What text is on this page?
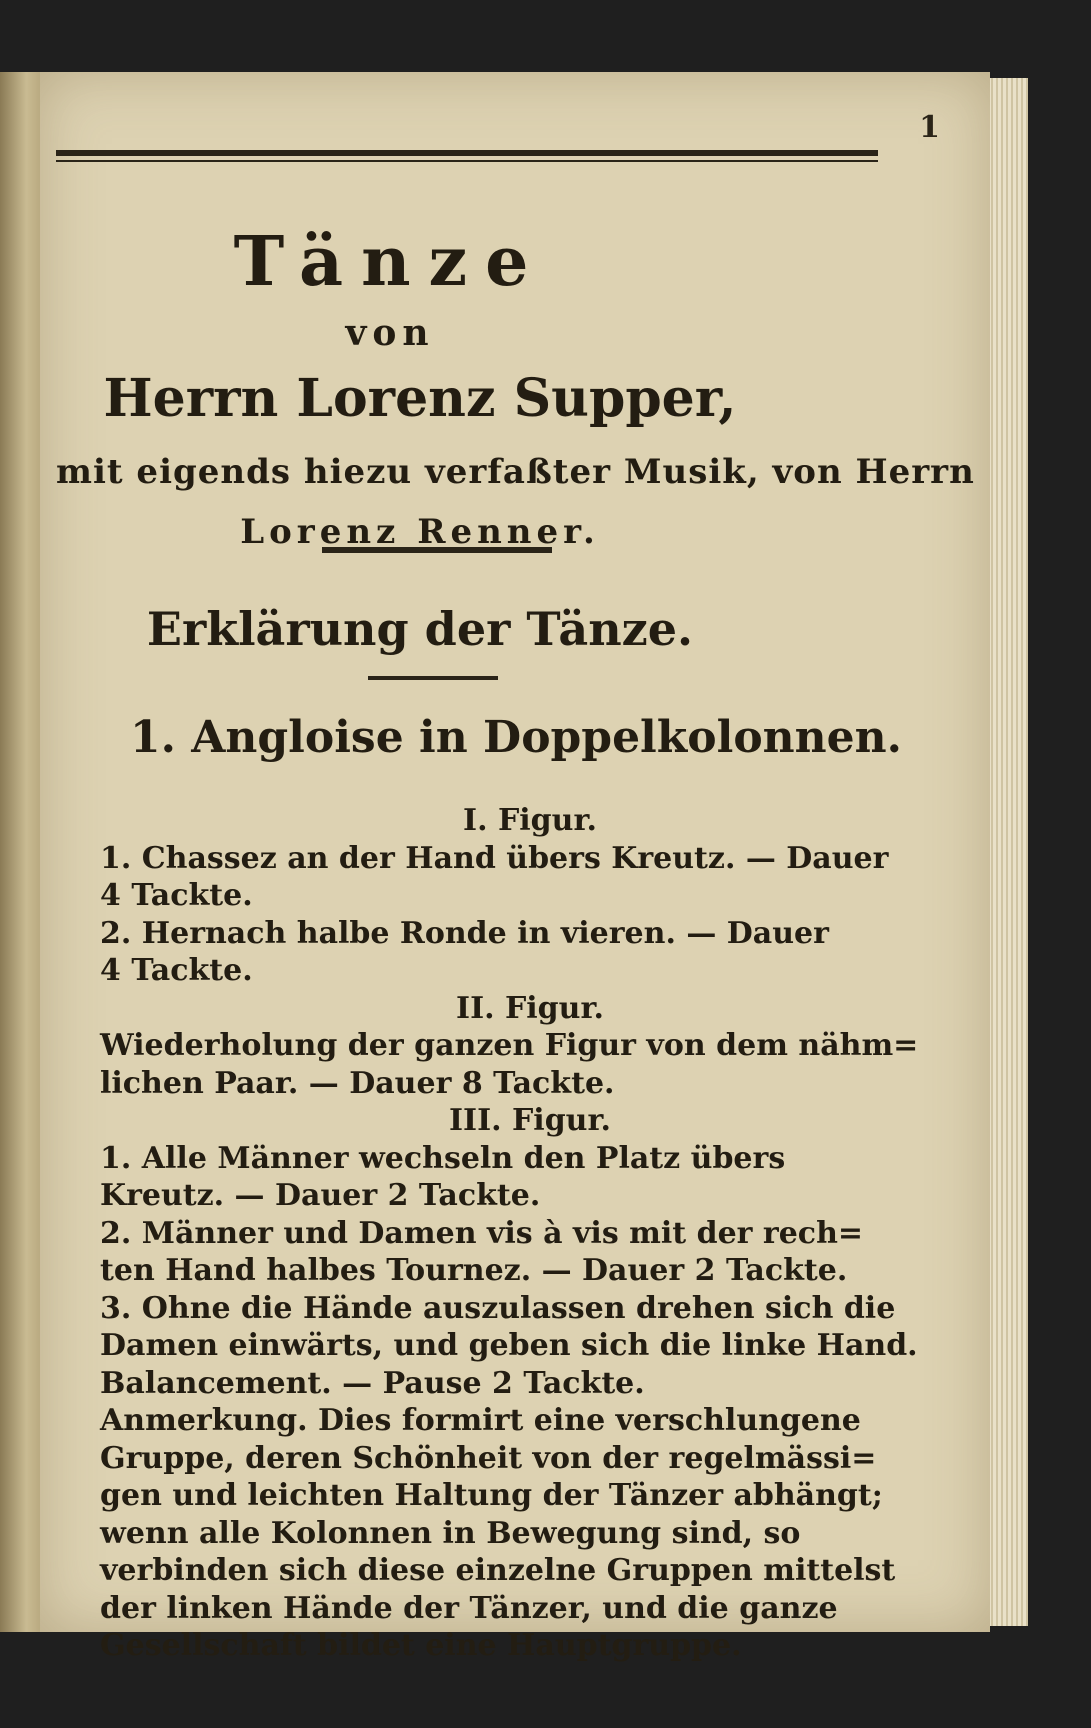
1
Tänze
von
Herrn Lorenz Supper,
mit eigends hiezu verfaßter Musik, von Herrn
Lorenz Renner.
Erklärung der Tänze.
1. Angloise in Doppelkolonnen.
I. Figur.
1. Chassez an der Hand übers Kreutz. — Dauer
4 Tackte.
2. Hernach halbe Ronde in vieren. — Dauer
4 Tackte.
II. Figur.
Wiederholung der ganzen Figur von dem nähm=
lichen Paar. — Dauer 8 Tackte.
III. Figur.
1. Alle Männer wechseln den Platz übers
Kreutz. — Dauer 2 Tackte.
2. Männer und Damen vis à vis mit der rech=
ten Hand halbes Tournez. — Dauer 2 Tackte.
3. Ohne die Hände auszulassen drehen sich die
Damen einwärts, und geben sich die linke Hand.
Balancement. — Pause 2 Tackte.
Anmerkung. Dies formirt eine verschlungene
Gruppe, deren Schönheit von der regelmässi=
gen und leichten Haltung der Tänzer abhängt;
wenn alle Kolonnen in Bewegung sind, so
verbinden sich diese einzelne Gruppen mittelst
der linken Hände der Tänzer, und die ganze
Gesellschaft bildet eine Hauptgruppe.
